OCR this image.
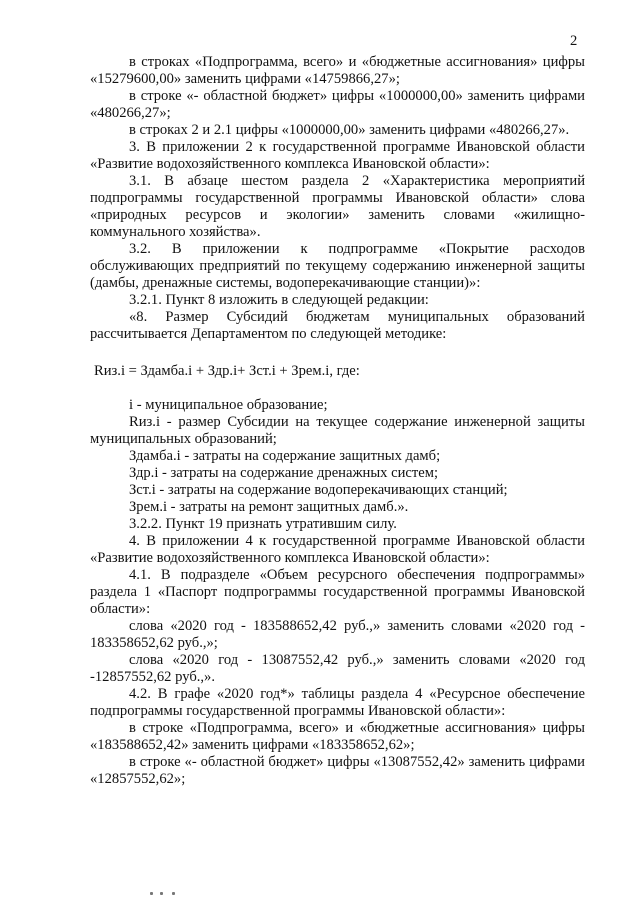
2

в строках «Подпрограмма, всего» и «бюджетные ассигнования» цифры «15279600,00» заменить цифрами «14759866,27»;

в строке «- областной бюджет» цифры «1000000,00» заменить цифрами «480266,27»;

в строках 2 и 2.1 цифры «1000000,00» заменить цифрами «480266,27».

3. В приложении 2 к государственной программе Ивановской области «Развитие водохозяйственного комплекса Ивановской области»:

3.1. В абзаце шестом раздела 2 «Характеристика мероприятий подпрограммы государственной программы Ивановской области» слова «природных ресурсов и экологии» заменить словами «жилищно-коммунального хозяйства».

3.2. В приложении к подпрограмме «Покрытие расходов обслуживающих предприятий по текущему содержанию инженерной защиты (дамбы, дренажные системы, водоперекачивающие станции)»:

3.2.1. Пункт 8 изложить в следующей редакции:

«8. Размер Субсидий бюджетам муниципальных образований рассчитывается Департаментом по следующей методике:

Rиз.i = Здамба.i + Здр.i+ Зст.i + Зрем.i, где:

i - муниципальное образование;

Rиз.i - размер Субсидии на текущее содержание инженерной защиты муниципальных образований;

Здамба.i - затраты на содержание защитных дамб;

Здр.i - затраты на содержание дренажных систем;

Зст.i - затраты на содержание водоперекачивающих станций;

Зрем.i - затраты на ремонт защитных дамб.».

3.2.2. Пункт 19 признать утратившим силу.

4. В приложении 4 к государственной программе Ивановской области «Развитие водохозяйственного комплекса Ивановской области»:

4.1. В подразделе «Объем ресурсного обеспечения подпрограммы» раздела 1 «Паспорт подпрограммы государственной программы Ивановской области»:

слова «2020 год - 183588652,42 руб.,» заменить словами «2020 год - 183358652,62 руб.,»;

слова «2020 год - 13087552,42 руб.,» заменить словами «2020 год -12857552,62 руб.,».

4.2. В графе «2020 год*» таблицы раздела 4 «Ресурсное обеспечение подпрограммы государственной программы Ивановской области»:

в строке «Подпрограмма, всего» и «бюджетные ассигнования» цифры «183588652,42» заменить цифрами «183358652,62»;

в строке «- областной бюджет» цифры «13087552,42» заменить цифрами «12857552,62»;
